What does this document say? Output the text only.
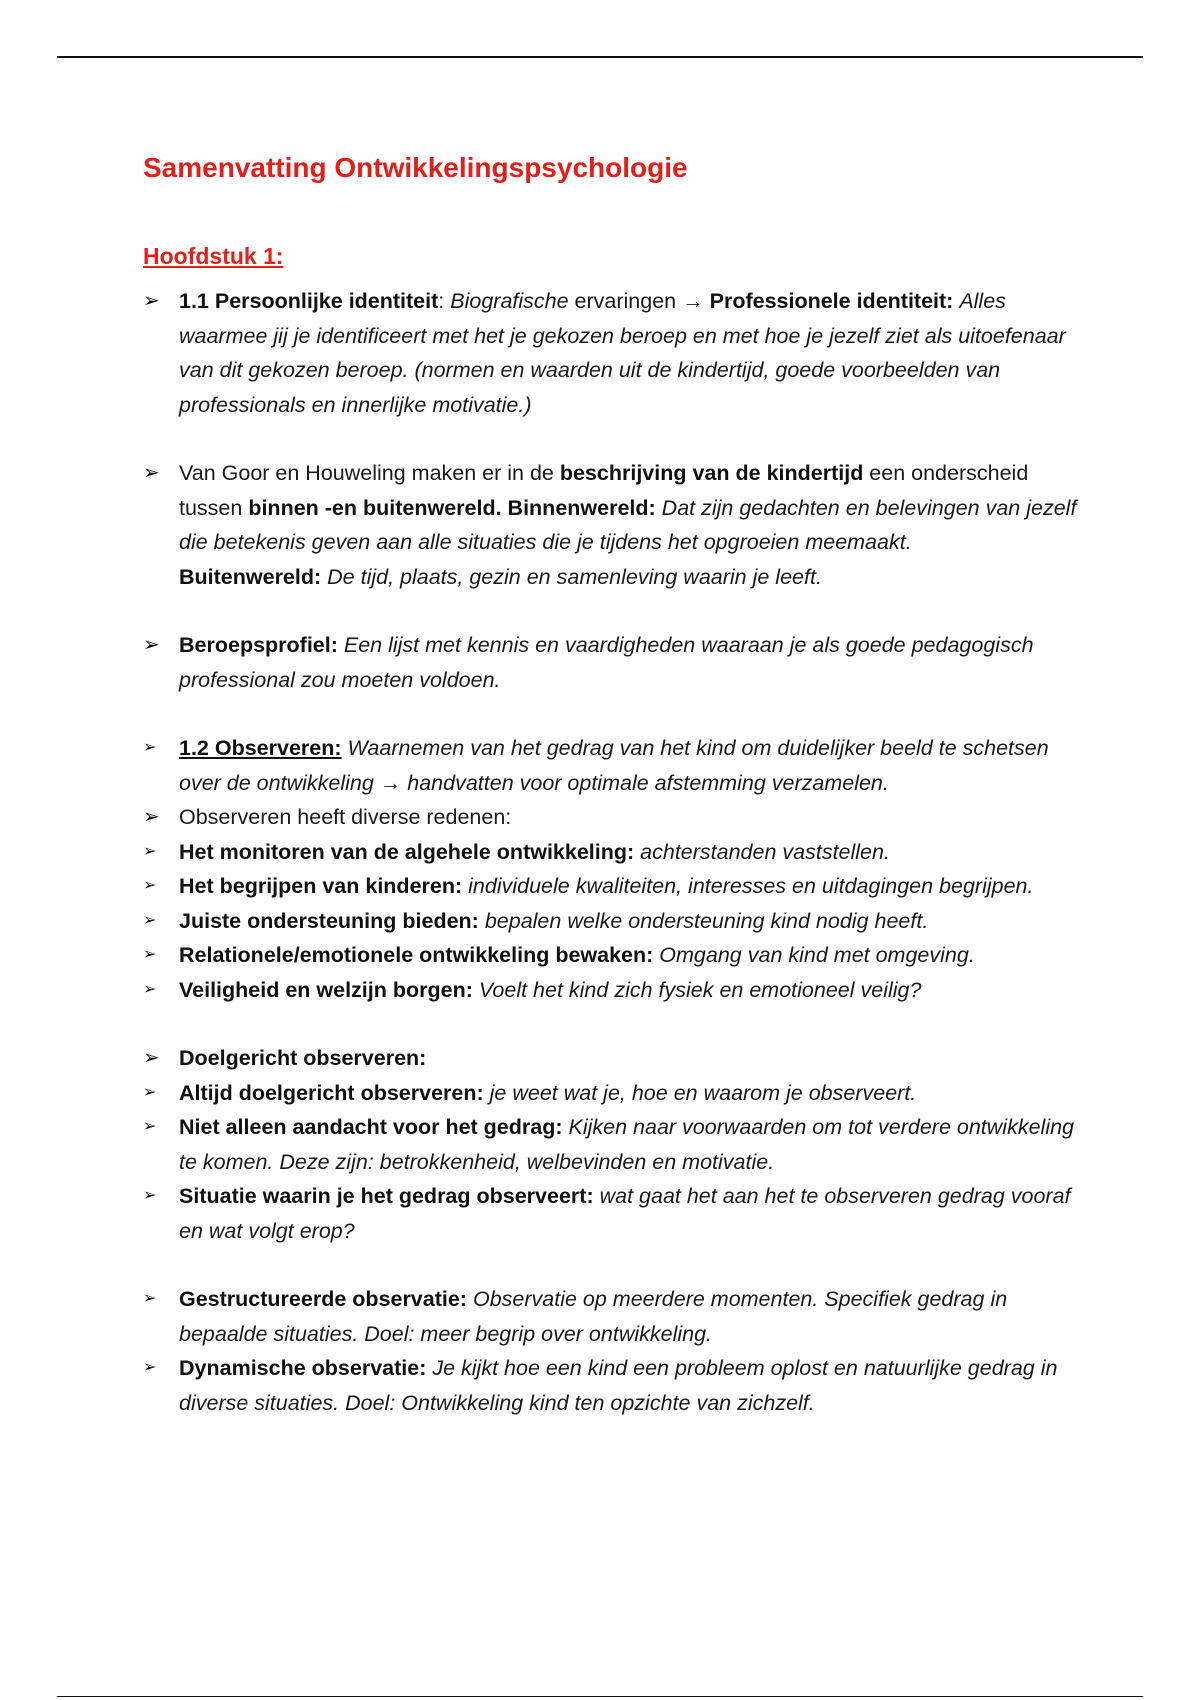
Samenvatting Ontwikkelingspsychologie
Hoofdstuk 1:
➢ 1.1 Persoonlijke identiteit: Biografische ervaringen → Professionele identiteit: Alles waarmee jij je identificeert met het je gekozen beroep en met hoe je jezelf ziet als uitoefenaar van dit gekozen beroep. (normen en waarden uit de kindertijd, goede voorbeelden van professionals en innerlijke motivatie.)
➢ Van Goor en Houweling maken er in de beschrijving van de kindertijd een onderscheid tussen binnen -en buitenwereld. Binnenwereld: Dat zijn gedachten en belevingen van jezelf die betekenis geven aan alle situaties die je tijdens het opgroeien meemaakt.
Buitenwereld: De tijd, plaats, gezin en samenleving waarin je leeft.
➢ Beroepsprofiel: Een lijst met kennis en vaardigheden waaraan je als goede pedagogisch professional zou moeten voldoen.
➢	1.2 Observeren: Waarnemen van het gedrag van het kind om duidelijker beeld te schetsen over de ontwikkeling → handvatten voor optimale afstemming verzamelen.
➢ Observeren heeft diverse redenen:
➢	Het monitoren van de algehele ontwikkeling: achterstanden vaststellen.
➢	Het begrijpen van kinderen: individuele kwaliteiten, interesses en uitdagingen begrijpen.
➢	Juiste ondersteuning bieden: bepalen welke ondersteuning kind nodig heeft.
➢	Relationele/emotionele ontwikkeling bewaken: Omgang van kind met omgeving.
➢	Veiligheid en welzijn borgen: Voelt het kind zich fysiek en emotioneel veilig?
➢ Doelgericht observeren:
➢	Altijd doelgericht observeren: je weet wat je, hoe en waarom je observeert.
➢	Niet alleen aandacht voor het gedrag: Kijken naar voorwaarden om tot verdere ontwikkeling te komen. Deze zijn: betrokkenheid, welbevinden en motivatie.
➢	Situatie waarin je het gedrag observeert: wat gaat het aan het te observeren gedrag vooraf en wat volgt erop?
➢	Gestructureerde observatie: Observatie op meerdere momenten. Specifiek gedrag in bepaalde situaties. Doel: meer begrip over ontwikkeling.
➢	Dynamische observatie: Je kijkt hoe een kind een probleem oplost en natuurlijke gedrag in diverse situaties. Doel: Ontwikkeling kind ten opzichte van zichzelf.
